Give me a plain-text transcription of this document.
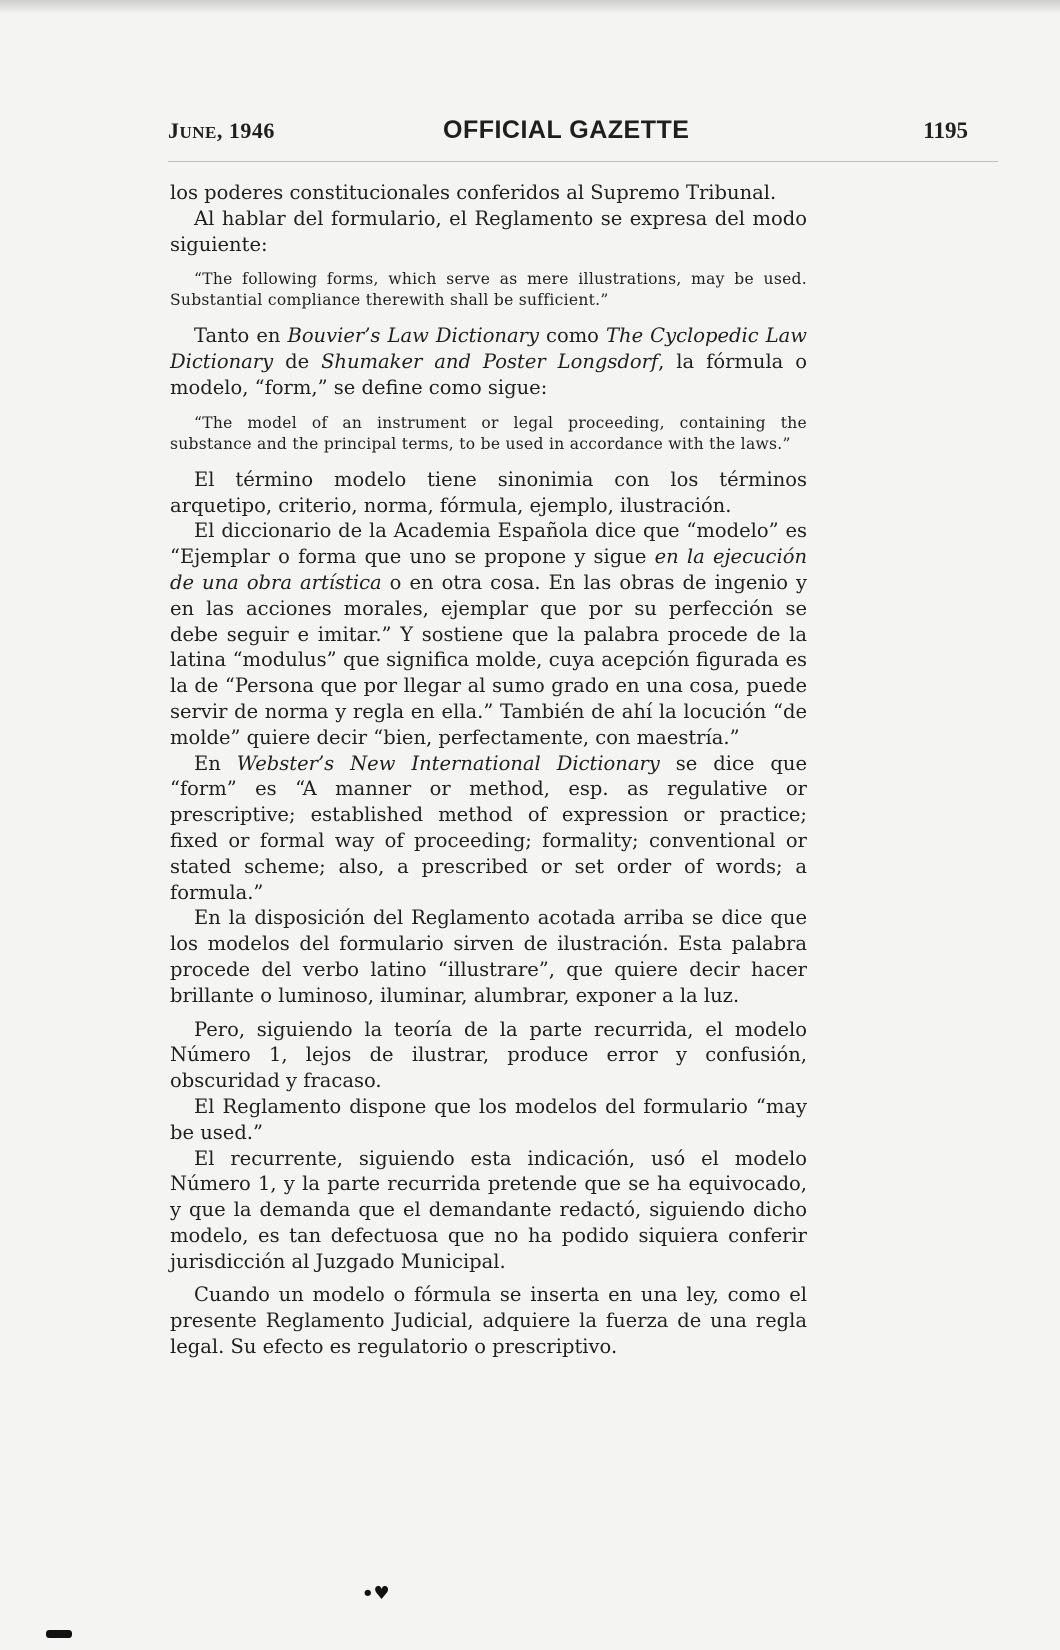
JUNE, 1946	OFFICIAL GAZETTE	1195

los poderes constitucionales conferidos al Supremo Tribunal.

Al hablar del formulario, el Reglamento se expresa del modo siguiente:

“The following forms, which serve as mere illustrations, may be used. Substantial compliance therewith shall be sufficient.”

Tanto en Bouvier’s Law Dictionary como The Cyclopedic Law Dictionary de Shumaker and Poster Longsdorf, la fórmula o modelo, “form,” se define como sigue:

“The model of an instrument or legal proceeding, containing the substance and the principal terms, to be used in accordance with the laws.”

El término modelo tiene sinonimia con los términos arquetipo, criterio, norma, fórmula, ejemplo, ilustración.

El diccionario de la Academia Española dice que “modelo” es “Ejemplar o forma que uno se propone y sigue en la ejecución de una obra artística o en otra cosa. En las obras de ingenio y en las acciones morales, ejemplar que por su perfección se debe seguir e imitar.” Y sostiene que la palabra procede de la latina “modulus” que significa molde, cuya acepción figurada es la de “Persona que por llegar al sumo grado en una cosa, puede servir de norma y regla en ella.” También de ahí la locución “de molde” quiere decir “bien, perfectamente, con maestría.”

En Webster’s New International Dictionary se dice que “form” es “A manner or method, esp. as regulative or prescriptive; established method of expression or practice; fixed or formal way of proceeding; formality; conventional or stated scheme; also, a prescribed or set order of words; a formula.”

En la disposición del Reglamento acotada arriba se dice que los modelos del formulario sirven de ilustración. Esta palabra procede del verbo latino “illustrare”, que quiere decir hacer brillante o luminoso, iluminar, alumbrar, exponer a la luz.

Pero, siguiendo la teoría de la parte recurrida, el modelo Número 1, lejos de ilustrar, produce error y confusión, obscuridad y fracaso.

El Reglamento dispone que los modelos del formulario “may be used.”

El recurrente, siguiendo esta indicación, usó el modelo Número 1, y la parte recurrida pretende que se ha equivocado, y que la demanda que el demandante redactó, siguiendo dicho modelo, es tan defectuosa que no ha podido siquiera conferir jurisdicción al Juzgado Municipal.

Cuando un modelo o fórmula se inserta en una ley, como el presente Reglamento Judicial, adquiere la fuerza de una regla legal. Su efecto es regulatorio o prescriptivo.

•♥
